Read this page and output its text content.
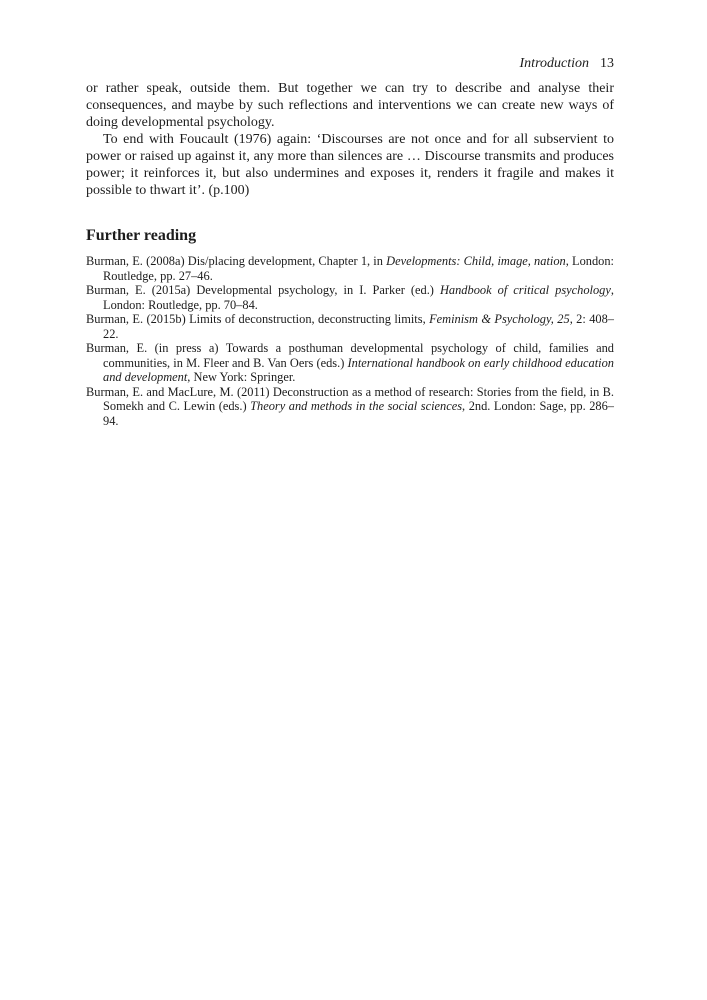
Introduction 13

or rather speak, outside them. But together we can try to describe and analyse their consequences, and maybe by such reflections and interventions we can create new ways of doing developmental psychology.

To end with Foucault (1976) again: ‘Discourses are not once and for all subservient to power or raised up against it, any more than silences are … Discourse transmits and produces power; it reinforces it, but also undermines and exposes it, renders it fragile and makes it possible to thwart it’. (p.100)

Further reading
Burman, E. (2008a) Dis/placing development, Chapter 1, in Developments: Child, image, nation, London: Routledge, pp. 27–46.
Burman, E. (2015a) Developmental psychology, in I. Parker (ed.) Handbook of critical psychology, London: Routledge, pp. 70–84.
Burman, E. (2015b) Limits of deconstruction, deconstructing limits, Feminism & Psychology, 25, 2: 408–22.
Burman, E. (in press a) Towards a posthuman developmental psychology of child, families and communities, in M. Fleer and B. Van Oers (eds.) International handbook on early childhood education and development, New York: Springer.
Burman, E. and MacLure, M. (2011) Deconstruction as a method of research: Stories from the field, in B. Somekh and C. Lewin (eds.) Theory and methods in the social sciences, 2nd. London: Sage, pp. 286–94.
